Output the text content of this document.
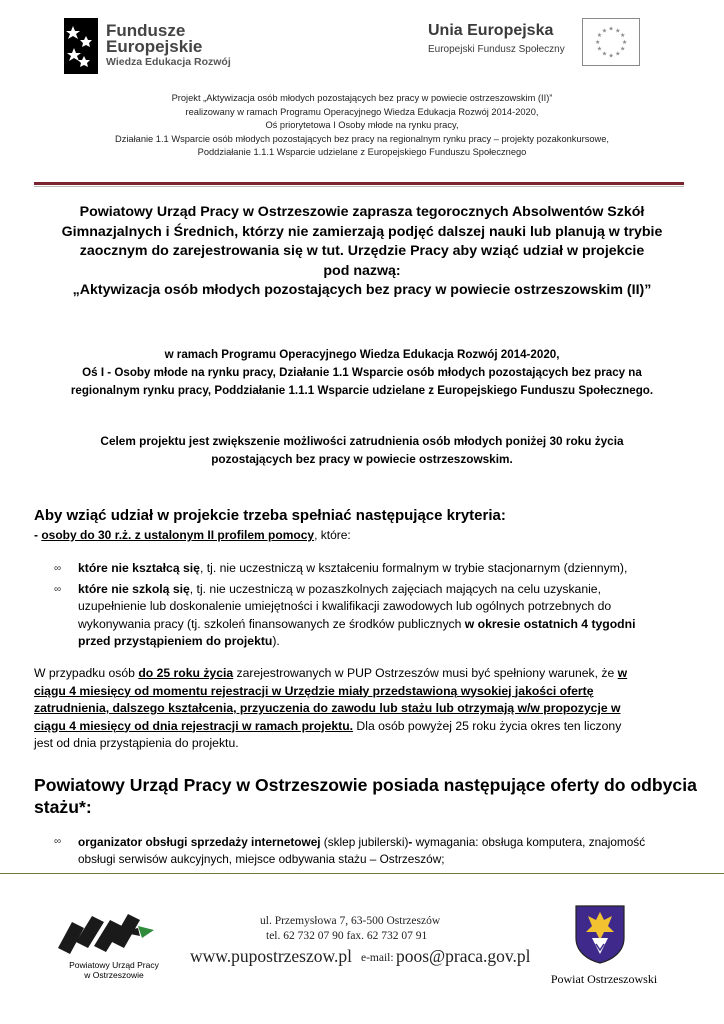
Fundusze
Europejskie
Wiedza Edukacja Rozwój
Unia Europejska
Europejski Fundusz Społeczny
★ ★
★
★
★
★
★
★
★
★
★
★
Projekt „Aktywizacja osób młodych pozostających bez pracy w powiecie ostrzeszowskim (II)”
realizowany w ramach Programu Operacyjnego Wiedza Edukacja Rozwój 2014-2020,
Oś priorytetowa I Osoby młode na rynku pracy,
Działanie 1.1 Wsparcie osób młodych pozostających bez pracy na regionalnym rynku pracy – projekty pozakonkursowe,
Poddziałanie 1.1.1 Wsparcie udzielane z Europejskiego Funduszu Społecznego
Powiatowy Urząd Pracy w Ostrzeszowie zaprasza tegorocznych Absolwentów Szkół
Gimnazjalnych i Średnich, którzy nie zamierzają podjęć dalszej nauki lub planują w trybie
zaocznym do zarejestrowania się w tut. Urzędzie Pracy aby wziąć udział w projekcie
pod nazwą:
„Aktywizacja osób młodych pozostających bez pracy w powiecie ostrzeszowskim (II)”
w ramach Programu Operacyjnego Wiedza Edukacja Rozwój 2014-2020,
Oś I - Osoby młode na rynku pracy, Działanie 1.1 Wsparcie osób młodych pozostających bez pracy na
regionalnym rynku pracy, Poddziałanie 1.1.1 Wsparcie udzielane z Europejskiego Funduszu Społecznego.
Celem projektu jest zwiększenie możliwości zatrudnienia osób młodych poniżej 30 roku życia
pozostających bez pracy w powiecie ostrzeszowskim.
Aby wziąć udział w projekcie trzeba spełniać następujące kryteria:
- osoby do 30 r.ż. z ustalonym II profilem pomocy, które:
∞ które nie kształcą się, tj. nie uczestniczą w kształceniu formalnym w trybie stacjonarnym (dziennym),
∞ które nie szkolą się, tj. nie uczestniczą w pozaszkolnych zajęciach mających na celu uzyskanie,
uzupełnienie lub doskonalenie umiejętności i kwalifikacji zawodowych lub ogólnych potrzebnych do
wykonywania pracy (tj. szkoleń finansowanych ze środków publicznych w okresie ostatnich 4 tygodni
przed przystąpieniem do projektu).
W przypadku osób do 25 roku życia zarejestrowanych w PUP Ostrzeszów musi być spełniony warunek, że w
ciągu 4 miesięcy od momentu rejestracji w Urzędzie miały przedstawioną wysokiej jakości ofertę
zatrudnienia, dalszego kształcenia, przyuczenia do zawodu lub stażu lub otrzymają w/w propozycje w
ciągu 4 miesięcy od dnia rejestracji w ramach projektu. Dla osób powyżej 25 roku życia okres ten liczony
jest od dnia przystąpienia do projektu.
Powiatowy Urząd Pracy w Ostrzeszowie posiada następujące oferty do odbycia
stażu*:
∞ organizator obsługi sprzedaży internetowej (sklep jubilerski)- wymagania: obsługa komputera, znajomość
obsługi serwisów aukcyjnych, miejsce odbywania stażu – Ostrzeszów;
Powiatowy Urząd Pracy
w Ostrzeszowie
ul. Przemysłowa 7, 63-500 Ostrzeszów
tel. 62 732 07 90 fax. 62 732 07 91
www.pupostrzeszow.pl e-mail: poos@praca.gov.pl
Powiat Ostrzeszowski
